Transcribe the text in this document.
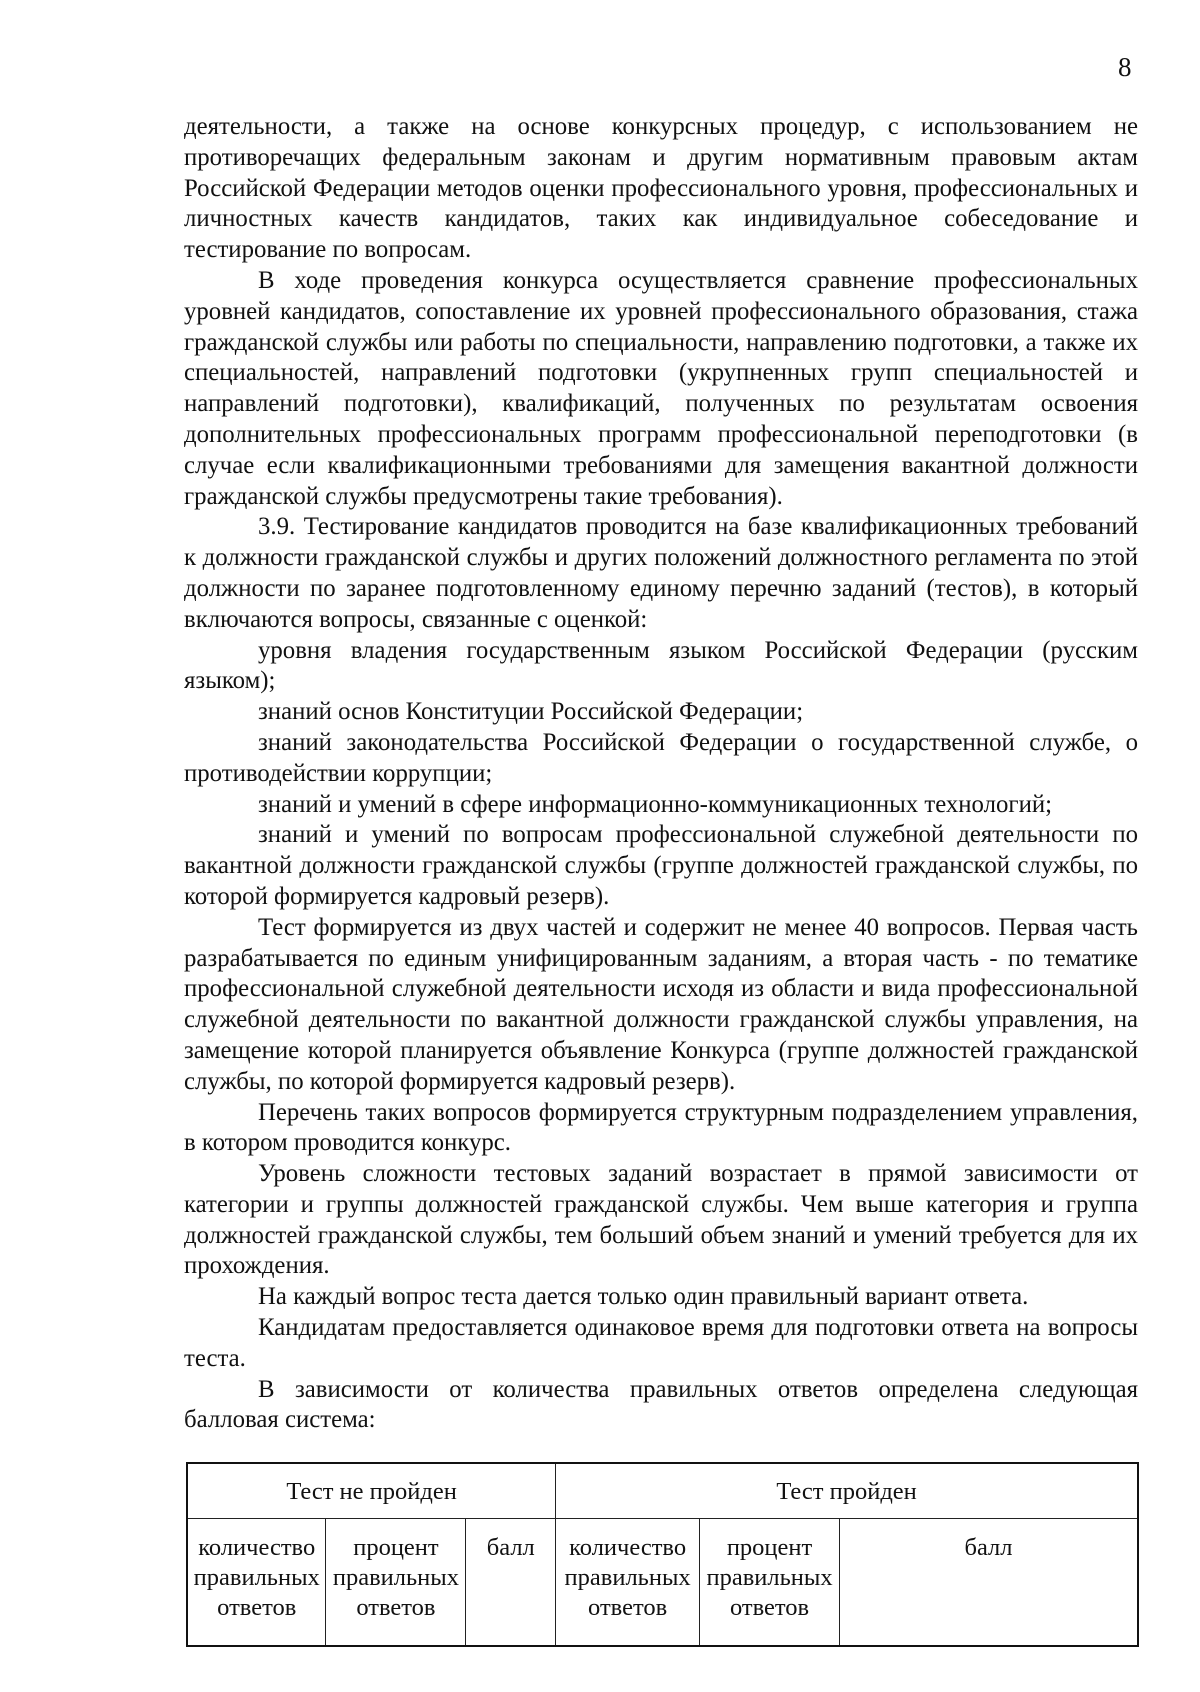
8

деятельности, а также на основе конкурсных процедур, с использованием не противоречащих федеральным законам и другим нормативным правовым актам Российской Федерации методов оценки профессионального уровня, профессиональных и личностных качеств кандидатов, таких как индивидуальное собеседование и тестирование по вопросам.

В ходе проведения конкурса осуществляется сравнение профессиональных уровней кандидатов, сопоставление их уровней профессионального образования, стажа гражданской службы или работы по специальности, направлению подготовки, а также их специальностей, направлений подготовки (укрупненных групп специальностей и направлений подготовки), квалификаций, полученных по результатам освоения дополнительных профессиональных программ профессиональной переподготовки (в случае если квалификационными требованиями для замещения вакантной должности гражданской службы предусмотрены такие требования).

3.9. Тестирование кандидатов проводится на базе квалификационных требований к должности гражданской службы и других положений должностного регламента по этой должности по заранее подготовленному единому перечню заданий (тестов), в который включаются вопросы, связанные с оценкой:

уровня владения государственным языком Российской Федерации (русским языком);

знаний основ Конституции Российской Федерации;

знаний законодательства Российской Федерации о государственной службе, о противодействии коррупции;

знаний и умений в сфере информационно-коммуникационных технологий;

знаний и умений по вопросам профессиональной служебной деятельности по вакантной должности гражданской службы (группе должностей гражданской службы, по которой формируется кадровый резерв).

Тест формируется из двух частей и содержит не менее 40 вопросов. Первая часть разрабатывается по единым унифицированным заданиям, а вторая часть - по тематике профессиональной служебной деятельности исходя из области и вида профессиональной служебной деятельности по вакантной должности гражданской службы управления, на замещение которой планируется объявление Конкурса (группе должностей гражданской службы, по которой формируется кадровый резерв).

Перечень таких вопросов формируется структурным подразделением управления, в котором проводится конкурс.

Уровень сложности тестовых заданий возрастает в прямой зависимости от категории и группы должностей гражданской службы. Чем выше категория и группа должностей гражданской службы, тем больший объем знаний и умений требуется для их прохождения.

На каждый вопрос теста дается только один правильный вариант ответа.

Кандидатам предоставляется одинаковое время для подготовки ответа на вопросы теста.

В зависимости от количества правильных ответов определена следующая балловая система:

Тест не пройден			Тест пройден		
количество правильных ответов	процент правильных ответов	балл	количество правильных ответов	процент правильных ответов	балл
